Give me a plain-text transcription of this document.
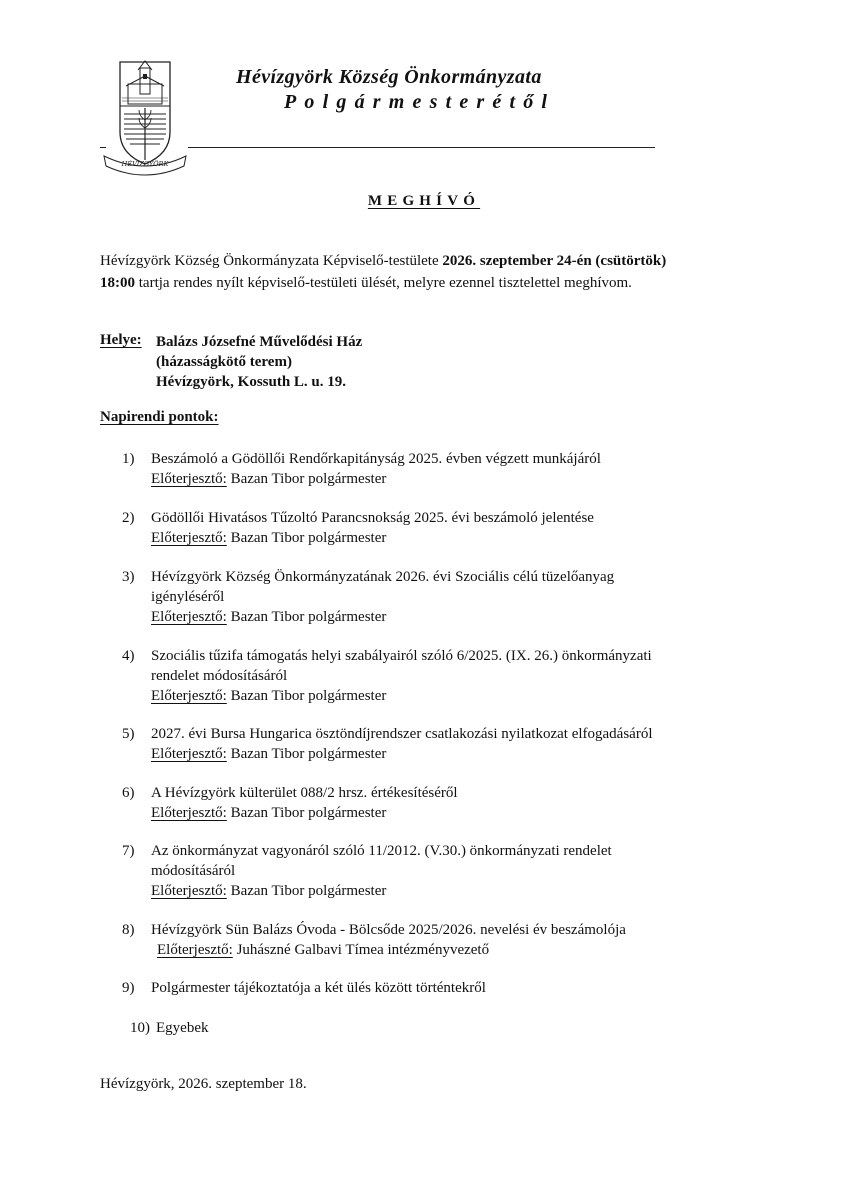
HÉVÍZGYÖRK
Hévízgyörk Község Önkormányzata
Polgármesterétől
MEGHÍVÓ

Hévízgyörk Község Önkormányzata Képviselő-testülete 2026. szeptember 24-én (csütörtök)

18:00 tartja rendes nyílt képviselő-testületi ülését, melyre ezennel tisztelettel meghívom.

Helye: Balázs Józsefné Művelődési Ház
(házasságkötő terem)
Hévízgyörk, Kossuth L. u. 19.
Napirendi pontok:
1) Beszámoló a Gödöllői Rendőrkapitányság 2025. évben végzett munkájáról
Előterjesztő: Bazan Tibor polgármester
2) Gödöllői Hivatásos Tűzoltó Parancsnokság 2025. évi beszámoló jelentése
Előterjesztő: Bazan Tibor polgármester
3) Hévízgyörk Község Önkormányzatának 2026. évi Szociális célú tüzelőanyag
igényléséről
Előterjesztő: Bazan Tibor polgármester
4) Szociális tűzifa támogatás helyi szabályairól szóló 6/2025. (IX. 26.) önkormányzati
rendelet módosításáról
Előterjesztő: Bazan Tibor polgármester
5) 2027. évi Bursa Hungarica ösztöndíjrendszer csatlakozási nyilatkozat elfogadásáról
Előterjesztő: Bazan Tibor polgármester
6) A Hévízgyörk külterület 088/2 hrsz. értékesítéséről
Előterjesztő: Bazan Tibor polgármester
7) Az önkormányzat vagyonáról szóló 11/2012. (V.30.) önkormányzati rendelet
módosításáról
Előterjesztő: Bazan Tibor polgármester
8) Hévízgyörk Sün Balázs Óvoda - Bölcsőde 2025/2026. nevelési év beszámolója
Előterjesztő: Juhászné Galbavi Tímea intézményvezető
9) Polgármester tájékoztatója a két ülés között történtekről
10) Egyebek
Hévízgyörk, 2026. szeptember 18.
